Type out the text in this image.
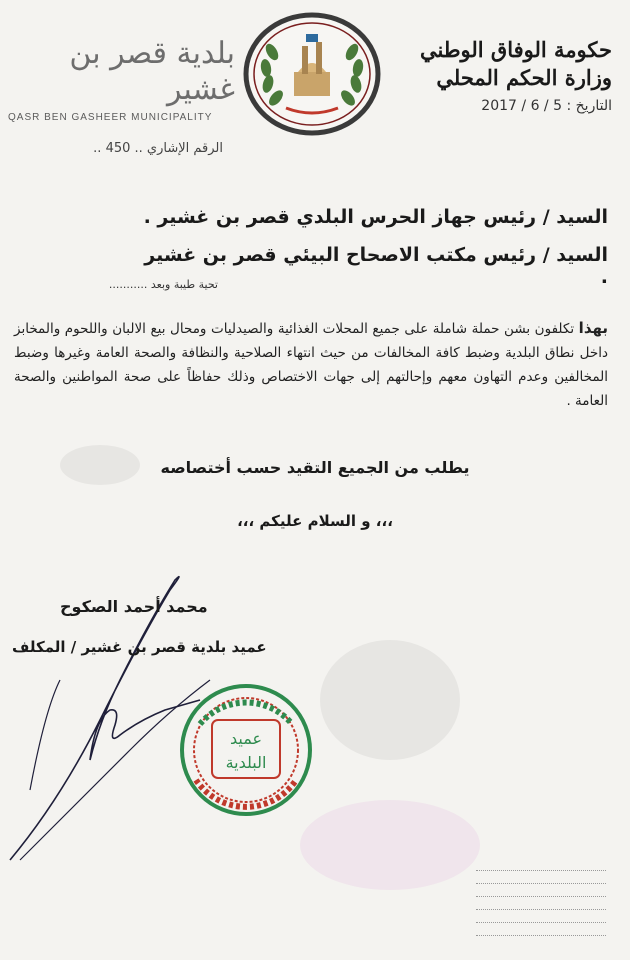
حكومة الوفاق الوطني
وزارة الحكم المحلي
التاريخ : 5 / 6 / 2017
بلدية قصر بن غشير
QASR BEN GASHEER MUNICIPALITY
الرقم الإشاري .. 450 ..
السيد / رئيس جهاز الحرس البلدي قصر بن غشير .
السيد / رئيس مكتب الاصحاح البيئي قصر بن غشير .
تحية طيبة وبعد ...........
بهذا تكلفون بشن حملة شاملة على جميع المحلات الغذائية والصيدليات ومحال بيع الالبان واللحوم والمخابز داخل نطاق البلدية وضبط كافة المخالفات من حيث انتهاء الصلاحية والنظافة والصحة العامة وغيرها وضبط المخالفين وعدم التهاون معهم وإحالتهم إلى جهات الاختصاص وذلك حفاظاً على صحة المواطنين والصحة العامة .
يطلب من الجميع التقيد حسب أختصاصه
،،، و السلام عليكم ،،،
محمد أحمد الصكوح
عميد بلدية قصر بن غشير / المكلف
عميد
البلدية
